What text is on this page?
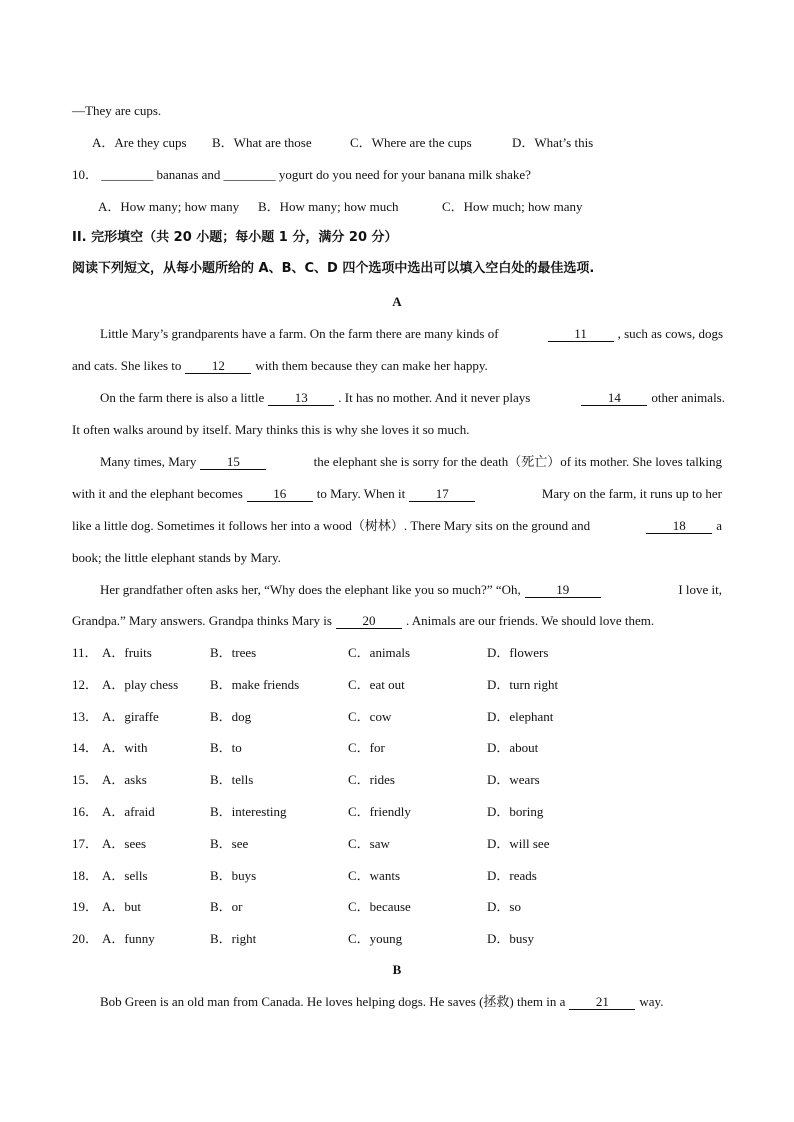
—They are cups.
A．Are they cups B．What are those	C．Where are the cups	D．What’s this
10． ________ bananas and ________ yogurt do you need for your banana milk shake?
A．How many; how many B．How many; how much	C．How much; how many
II. 完形填空（共 20 小题；每小题 1 分，满分 20 分）
阅读下列短文，从每小题所给的 A、B、C、D 四个选项中选出可以填入空白处的最佳选项.
A
Little Mary’s grandparents have a farm. On the farm there are many kinds of	11 , such as cows, dogs
and cats. She likes to 12 with them because they can make her happy.
On the farm there is also a little 13 . It has no mother. And it never plays	14 other animals.
It often walks around by itself. Mary thinks this is why she loves it so much.
Many times, Mary 15	the elephant she is sorry for the death（死亡）of its mother. She loves talking
with it and the elephant becomes 16 to Mary. When it 17	Mary on the farm, it runs up to her
like a little dog. Sometimes it follows her into a wood（树林）. There Mary sits on the ground and	18 a
book; the little elephant stands by Mary.
Her grandfather often asks her, “Why does the elephant like you so much?” “Oh,	19	I love it,
Grandpa.” Mary answers. Grandpa thinks Mary is 20 . Animals are our friends. We should love them.
11． A．fruits	B．trees	C．animals	D．flowers
12． A．play chess B．make friends	C．eat out	D．turn right
13． A．giraffe	B．dog	C．cow	D．elephant
14． A．with	B．to	C．for	D．about
15． A．asks	B．tells	C．rides	D．wears
16． A．afraid	B．interesting	C．friendly	D．boring
17． A．sees	B．see	C．saw	D．will see
18． A．sells	B．buys	C．wants	D．reads
19． A．but	B．or	C．because	D．so
20． A．funny	B．right	C．young	D．busy
B
Bob Green is an old man from Canada. He loves helping dogs. He saves (拯救) them in a 21 way.
